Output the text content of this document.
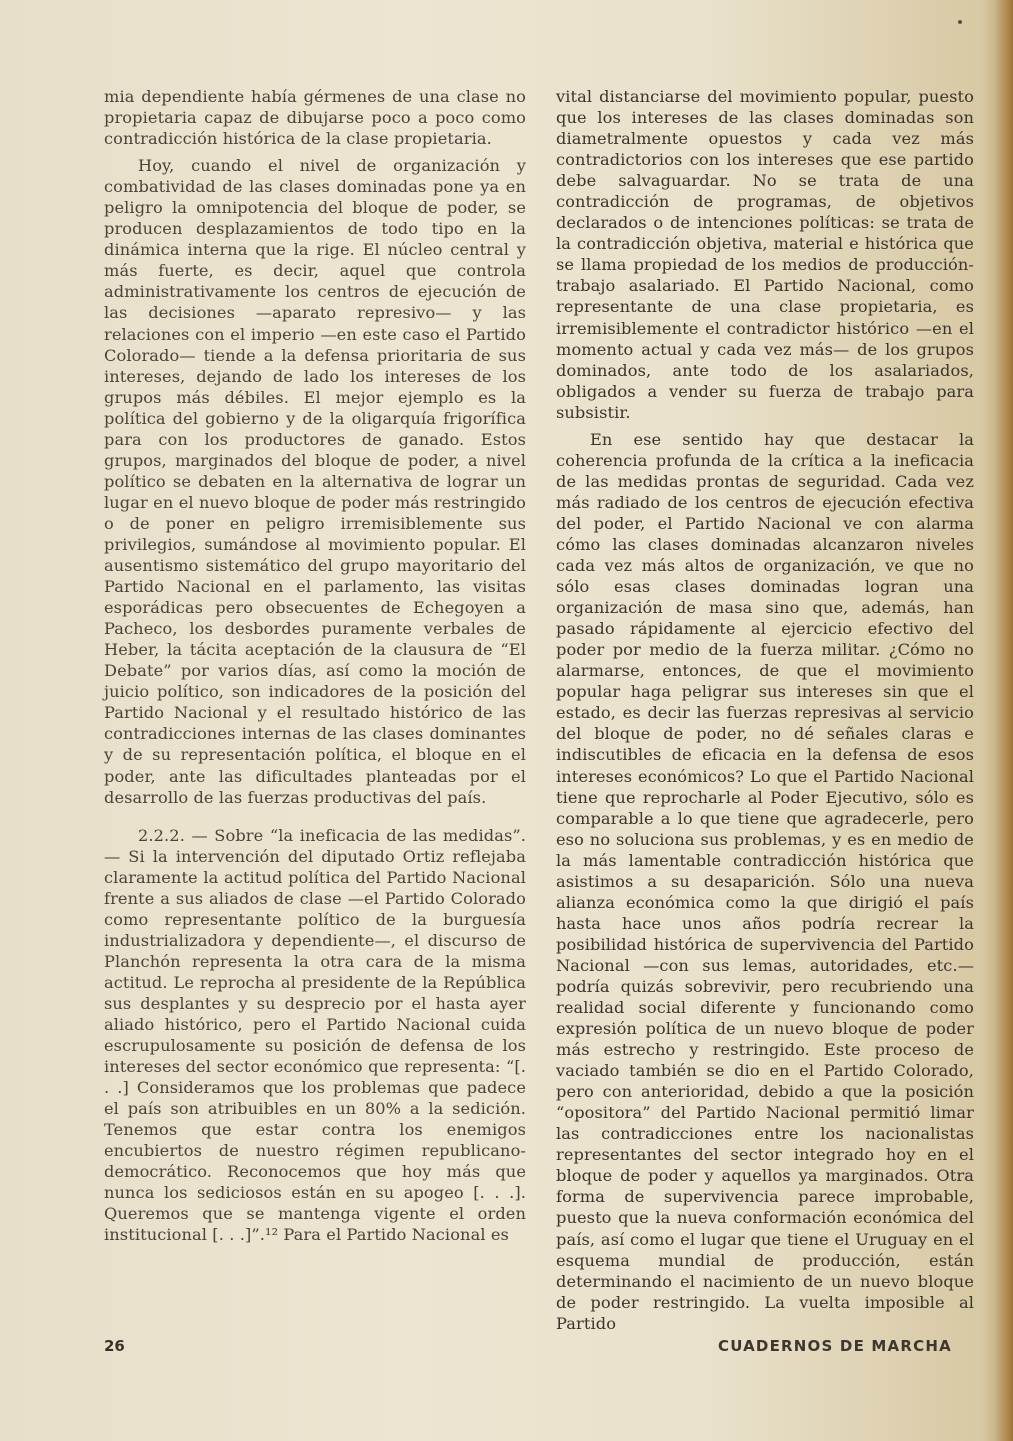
mia dependiente había gérmenes de una clase no propietaria capaz de dibujarse poco a poco como contradicción histórica de la clase propietaria.

Hoy, cuando el nivel de organización y combatividad de las clases dominadas pone ya en peligro la omnipotencia del bloque de poder, se producen desplazamientos de todo tipo en la dinámica interna que la rige. El núcleo central y más fuerte, es decir, aquel que controla administrativamente los centros de ejecución de las decisiones —aparato represivo— y las relaciones con el imperio —en este caso el Partido Colorado— tiende a la defensa prioritaria de sus intereses, dejando de lado los intereses de los grupos más débiles. El mejor ejemplo es la política del gobierno y de la oligarquía frigorífica para con los productores de ganado. Estos grupos, marginados del bloque de poder, a nivel político se debaten en la alternativa de lograr un lugar en el nuevo bloque de poder más restringido o de poner en peligro irremisiblemente sus privilegios, sumándose al movimiento popular. El ausentismo sistemático del grupo mayoritario del Partido Nacional en el parlamento, las visitas esporádicas pero obsecuentes de Echegoyen a Pacheco, los desbordes puramente verbales de Heber, la tácita aceptación de la clausura de “El Debate” por varios días, así como la moción de juicio político, son indicadores de la posición del Partido Nacional y el resultado histórico de las contradicciones internas de las clases dominantes y de su representación política, el bloque en el poder, ante las dificultades planteadas por el desarrollo de las fuerzas productivas del país.

2.2.2. — Sobre “la ineficacia de las medidas”. — Si la intervención del diputado Ortiz reflejaba claramente la actitud política del Partido Nacional frente a sus aliados de clase —el Partido Colorado como representante político de la burguesía industrializadora y dependiente—, el discurso de Planchón representa la otra cara de la misma actitud. Le reprocha al presidente de la República sus desplantes y su desprecio por el hasta ayer aliado histórico, pero el Partido Nacional cuida escrupulosamente su posición de defensa de los intereses del sector económico que representa: “[. . .] Consideramos que los problemas que padece el país son atribuibles en un 80% a la sedición. Tenemos que estar contra los enemigos encubiertos de nuestro régimen republicano-democrático. Reconocemos que hoy más que nunca los sediciosos están en su apogeo [. . .]. Queremos que se mantenga vigente el orden institucional [. . .]”.¹² Para el Partido Nacional es

vital distanciarse del movimiento popular, puesto que los intereses de las clases dominadas son diametralmente opuestos y cada vez más contradictorios con los intereses que ese partido debe salvaguardar. No se trata de una contradicción de programas, de objetivos declarados o de intenciones políticas: se trata de la contradicción objetiva, material e histórica que se llama propiedad de los medios de producción-trabajo asalariado. El Partido Nacional, como representante de una clase propietaria, es irremisiblemente el contradictor histórico —en el momento actual y cada vez más— de los grupos dominados, ante todo de los asalariados, obligados a vender su fuerza de trabajo para subsistir.

En ese sentido hay que destacar la coherencia profunda de la crítica a la ineficacia de las medidas prontas de seguridad. Cada vez más radiado de los centros de ejecución efectiva del poder, el Partido Nacional ve con alarma cómo las clases dominadas alcanzaron niveles cada vez más altos de organización, ve que no sólo esas clases dominadas logran una organización de masa sino que, además, han pasado rápidamente al ejercicio efectivo del poder por medio de la fuerza militar. ¿Cómo no alarmarse, entonces, de que el movimiento popular haga peligrar sus intereses sin que el estado, es decir las fuerzas represivas al servicio del bloque de poder, no dé señales claras e indiscutibles de eficacia en la defensa de esos intereses económicos? Lo que el Partido Nacional tiene que reprocharle al Poder Ejecutivo, sólo es comparable a lo que tiene que agradecerle, pero eso no soluciona sus problemas, y es en medio de la más lamentable contradicción histórica que asistimos a su desaparición. Sólo una nueva alianza económica como la que dirigió el país hasta hace unos años podría recrear la posibilidad histórica de supervivencia del Partido Nacional —con sus lemas, autoridades, etc.— podría quizás sobrevivir, pero recubriendo una realidad social diferente y funcionando como expresión política de un nuevo bloque de poder más estrecho y restringido. Este proceso de vaciado también se dio en el Partido Colorado, pero con anterioridad, debido a que la posición “opositora” del Partido Nacional permitió limar las contradicciones entre los nacionalistas representantes del sector integrado hoy en el bloque de poder y aquellos ya marginados. Otra forma de supervivencia parece improbable, puesto que la nueva conformación económica del país, así como el lugar que tiene el Uruguay en el esquema mundial de producción, están determinando el nacimiento de un nuevo bloque de poder restringido. La vuelta imposible al Partido

26	CUADERNOS DE MARCHA
